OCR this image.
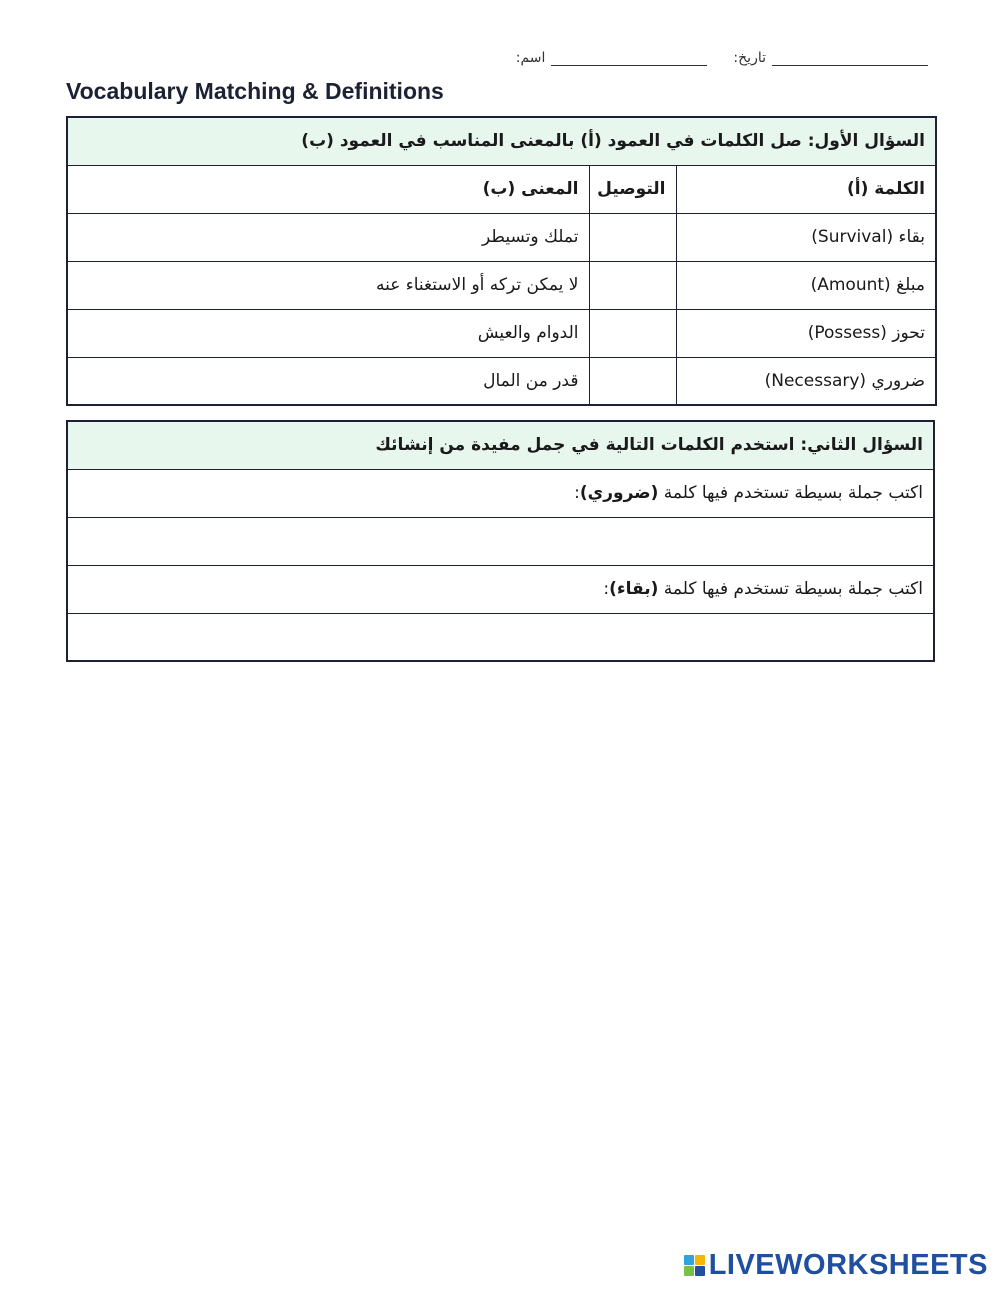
:اسم	:تاريخ
Vocabulary Matching & Definitions
السؤال الأول: صل الكلمات في العمود (أ) بالمعنى المناسب في العمود (ب)		
الكلمة (أ)	التوصيل	المعنى (ب)
بقاء (Survival)		تملك وتسيطر
مبلغ (Amount)		لا يمكن تركه أو الاستغناء عنه
تحوز (Possess)		الدوام والعيش
ضروري (Necessary)		قدر من المال
السؤال الثاني: استخدم الكلمات التالية في جمل مفيدة من إنشائك
اكتب جملة بسيطة تستخدم فيها كلمة (ضروري):

اكتب جملة بسيطة تستخدم فيها كلمة (بقاء):

LIVEWORKSHEETS
